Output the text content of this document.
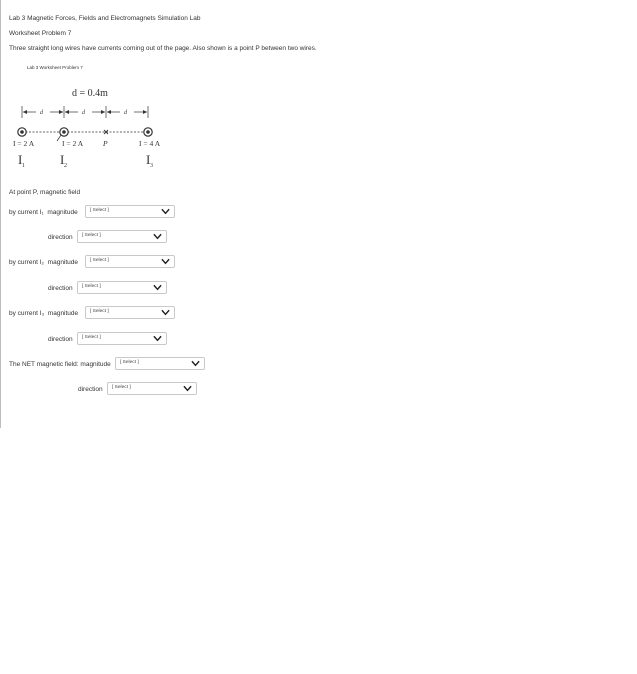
Lab 3 Magnetic Forces, Fields and Electromagnets Simulation Lab
Worksheet Problem 7
Three straight long wires have currents coming out of the page. Also shown is a point P between two wires.
Lab 3 Worksheet Problem 7
d = 0.4m
d	d	d
I = 2 A	I = 2 A	P	I = 4 A
I 1	I 2	I 3
At point P, magnetic field
by current I₁ magnitude	[ Select ]
direction [ Select ]
by current I₂ magnitude [ Select ]
direction [ Select ]
by current I₃ magnitude [ Select ]
direction [ Select ]
The NET magnetic field: magnitude [ Select ]
direction [ Select ]
